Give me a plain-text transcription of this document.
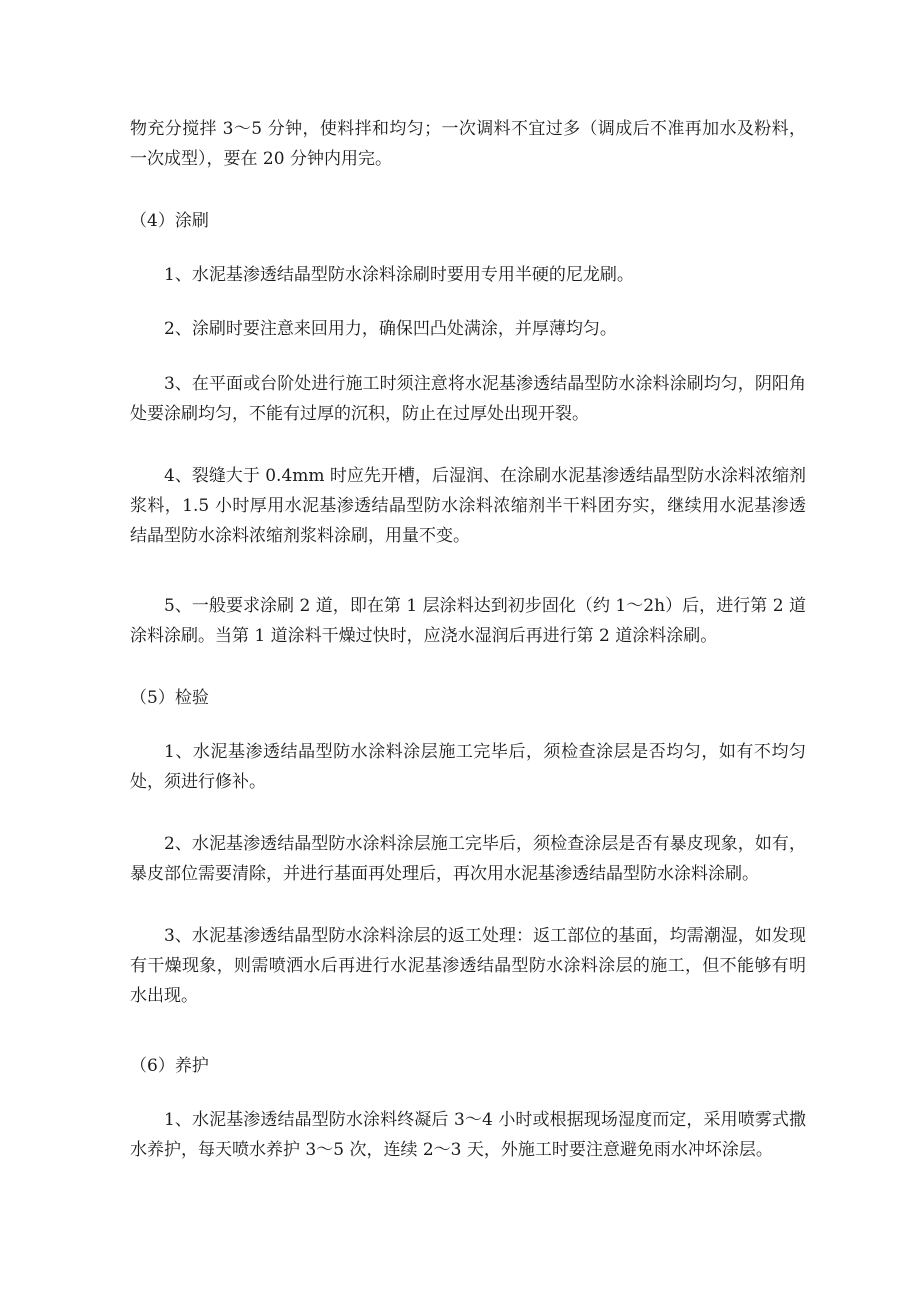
物充分搅拌 3～5 分钟，使料拌和均匀；一次调料不宜过多（调成后不准再加水及粉料，一次成型），要在 20 分钟内用完。

（4）涂刷

1、水泥基渗透结晶型防水涂料涂刷时要用专用半硬的尼龙刷。

2、涂刷时要注意来回用力，确保凹凸处满涂，并厚薄均匀。

3、在平面或台阶处进行施工时须注意将水泥基渗透结晶型防水涂料涂刷均匀，阴阳角处要涂刷均匀，不能有过厚的沉积，防止在过厚处出现开裂。

4、裂缝大于 0.4mm 时应先开槽，后湿润、在涂刷水泥基渗透结晶型防水涂料浓缩剂浆料，1.5 小时厚用水泥基渗透结晶型防水涂料浓缩剂半干料团夯实，继续用水泥基渗透结晶型防水涂料浓缩剂浆料涂刷，用量不变。

5、一般要求涂刷 2 道，即在第 1 层涂料达到初步固化（约 1～2h）后，进行第 2 道涂料涂刷。当第 1 道涂料干燥过快时，应浇水湿润后再进行第 2 道涂料涂刷。

（5）检验

1、水泥基渗透结晶型防水涂料涂层施工完毕后，须检查涂层是否均匀，如有不均匀处，须进行修补。

2、水泥基渗透结晶型防水涂料涂层施工完毕后，须检查涂层是否有暴皮现象，如有，暴皮部位需要清除，并进行基面再处理后，再次用水泥基渗透结晶型防水涂料涂刷。

3、水泥基渗透结晶型防水涂料涂层的返工处理：返工部位的基面，均需潮湿，如发现有干燥现象，则需喷洒水后再进行水泥基渗透结晶型防水涂料涂层的施工，但不能够有明水出现。

（6）养护

1、水泥基渗透结晶型防水涂料终凝后 3～4 小时或根据现场湿度而定，采用喷雾式撒水养护，每天喷水养护 3～5 次，连续 2～3 天，外施工时要注意避免雨水冲坏涂层。
